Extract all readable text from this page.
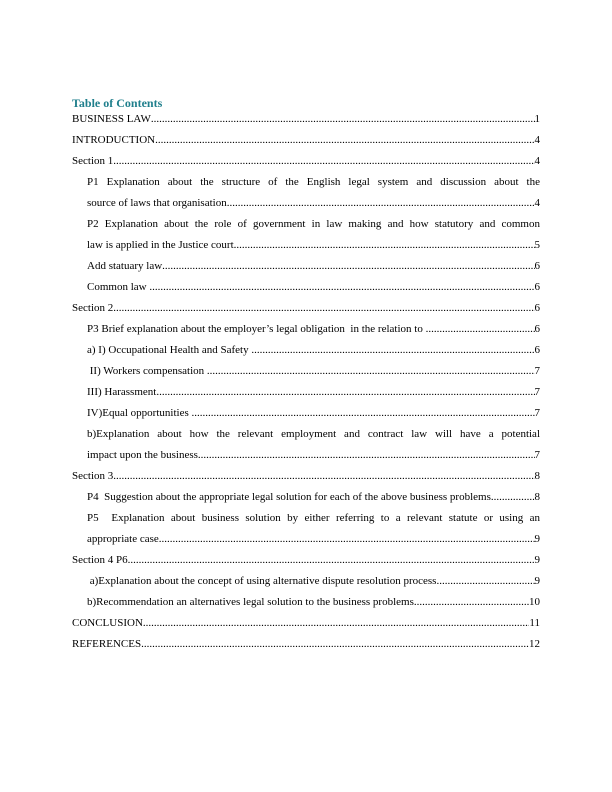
Table of Contents
BUSINESS LAW .....	1
INTRODUCTION .....	4
Section 1 .....	4
P1 Explanation about the structure of the English legal system and discussion about the
source of laws that organisation .....	4
P2 Explanation about the role of government in law making and how statutory and common
law is applied in the Justice court .....	5
Add statuary law .....	6
Common law .....	6
Section 2 .....	6
P3 Brief explanation about the employer’s legal obligation  in the relation to .....	6
a) I) Occupational Health and Safety .....	6
II) Workers compensation .....	7
III) Harassment .....	7
IV)Equal opportunities .....	7
b)Explanation about how the relevant employment and contract law will have a potential
impact upon the business .....	7
Section 3 .....	8
P4  Suggestion about the appropriate legal solution for each of the above business problems .....	8
P5  Explanation about business solution by either referring to a relevant statute or using an
appropriate case .....	9
Section 4 P6 .....	9
a)Explanation about the concept of using alternative dispute resolution process .....	9
b)Recommendation an alternatives legal solution to the business problems .....	10
CONCLUSION .....	11
REFERENCES .....	12
